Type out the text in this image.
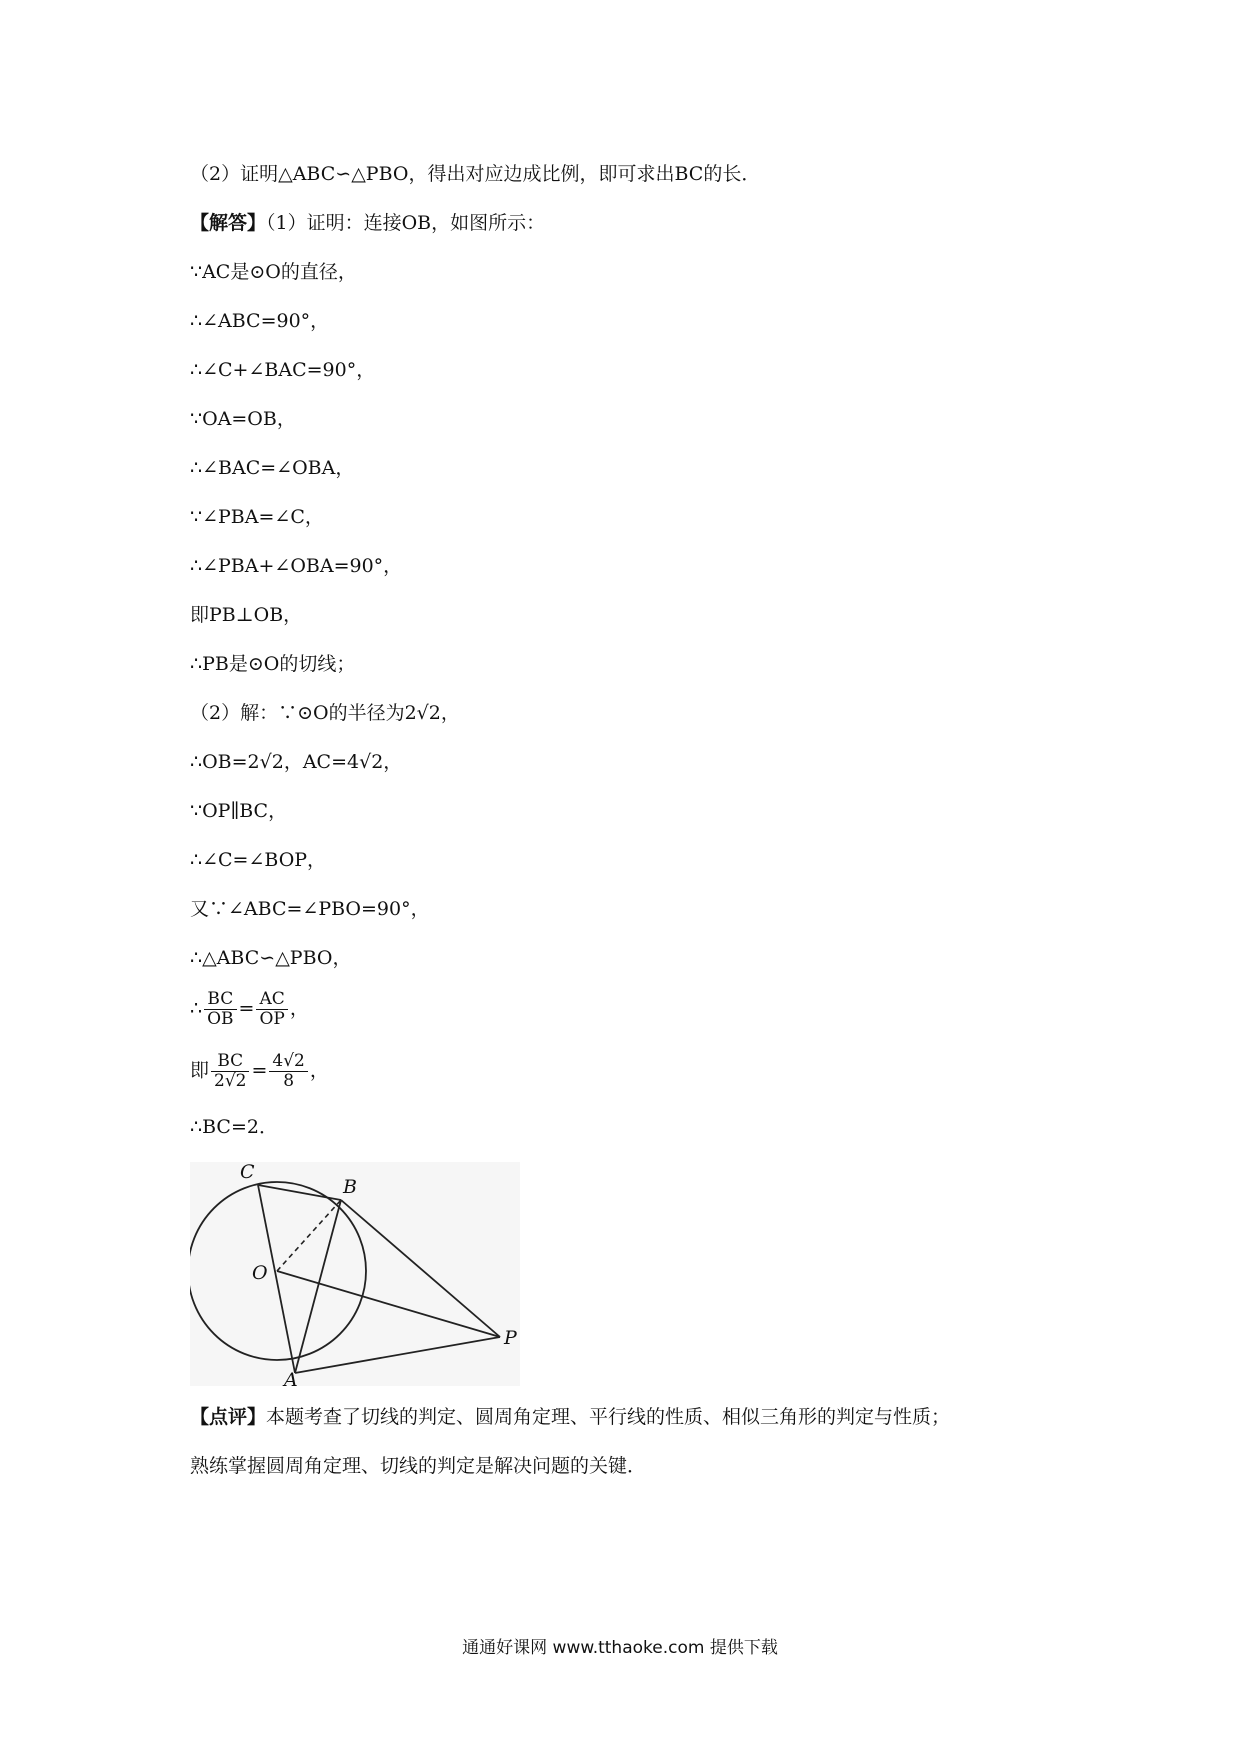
（2）证明△ABC∽△PBO，得出对应边成比例，即可求出BC的长．
【解答】（1）证明：连接OB，如图所示：
∵AC是⊙O的直径，
∴∠ABC=90°，
∴∠C+∠BAC=90°，
∵OA=OB，
∴∠BAC=∠OBA，
∵∠PBA=∠C，
∴∠PBA+∠OBA=90°，
即PB⊥OB，
∴PB是⊙O的切线；
（2）解：∵⊙O的半径为2√2，
∴OB=2√2，AC=4√2，
∵OP∥BC，
∴∠C=∠BOP，
又∵∠ABC=∠PBO=90°，
∴△ABC∽△PBO，
∴ $\frac{BC}{OB} = \frac{AC}{OP}$ ，
即 $\frac{BC}{2√2} = \frac{4√2}{8}$ ，
∴BC=2．
C
B
O
A
P
【点评】本题考查了切线的判定、圆周角定理、平行线的性质、相似三角形的判定与性质；
熟练掌握圆周角定理、切线的判定是解决问题的关键．
通通好课网 www.tthaoke.com 提供下载
